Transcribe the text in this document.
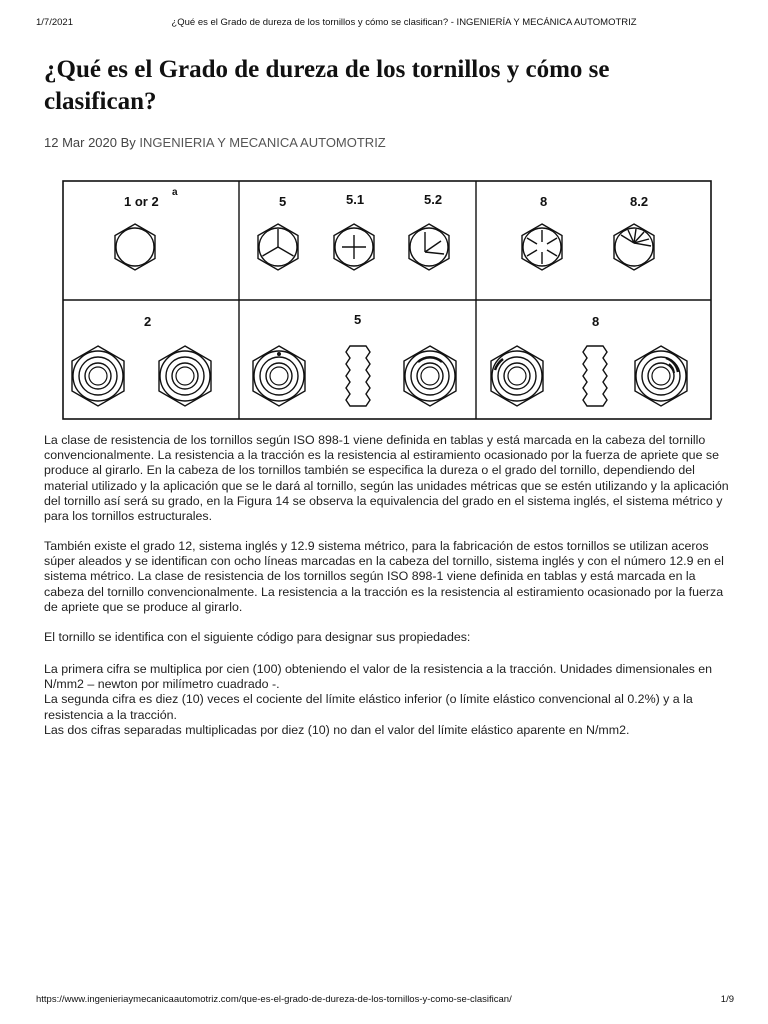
1/7/2021	¿Qué es el Grado de dureza de los tornillos y cómo se clasifican? - INGENIERÍA Y MECÁNICA AUTOMOTRIZ
¿Qué es el Grado de dureza de los tornillos y cómo se clasifican?
12 Mar 2020 By INGENIERIA Y MECANICA AUTOMOTRIZ
1 or 2
a
5	5.1	5.2	8	8.2
2	5	8

La clase de resistencia de los tornillos según ISO 898-1 viene definida en tablas y está marcada en la cabeza del tornillo convencionalmente. La resistencia a la tracción es la resistencia al estiramiento ocasionado por la fuerza de apriete que se produce al girarlo. En la cabeza de los tornillos también se especifica la dureza o el grado del tornillo, dependiendo del material utilizado y la aplicación que se le dará al tornillo, según las unidades métricas que se estén utilizando y la aplicación del tornillo así será su grado, en la Figura 14 se observa la equivalencia del grado en el sistema inglés, el sistema métrico y para los tornillos estructurales.

También existe el grado 12, sistema inglés y 12.9 sistema métrico, para la fabricación de estos tornillos se utilizan aceros súper aleados y se identifican con ocho líneas marcadas en la cabeza del tornillo, sistema inglés y con el número 12.9 en el sistema métrico. La clase de resistencia de los tornillos según ISO 898-1 viene definida en tablas y está marcada en la cabeza del tornillo convencionalmente. La resistencia a la tracción es la resistencia al estiramiento ocasionado por la fuerza de apriete que se produce al girarlo.

El tornillo se identifica con el siguiente código para designar sus propiedades:

La primera cifra se multiplica por cien (100) obteniendo el valor de la resistencia a la tracción. Unidades dimensionales en N/mm2 – newton por milímetro cuadrado -.
La segunda cifra es diez (10) veces el cociente del límite elástico inferior (o límite elástico convencional al 0.2%) y a la resistencia a la tracción.
Las dos cifras separadas multiplicadas por diez (10) no dan el valor del límite elástico aparente en N/mm2.
https://www.ingenieriaymecanicaautomotriz.com/que-es-el-grado-de-dureza-de-los-tornillos-y-como-se-clasifican/	1/9
